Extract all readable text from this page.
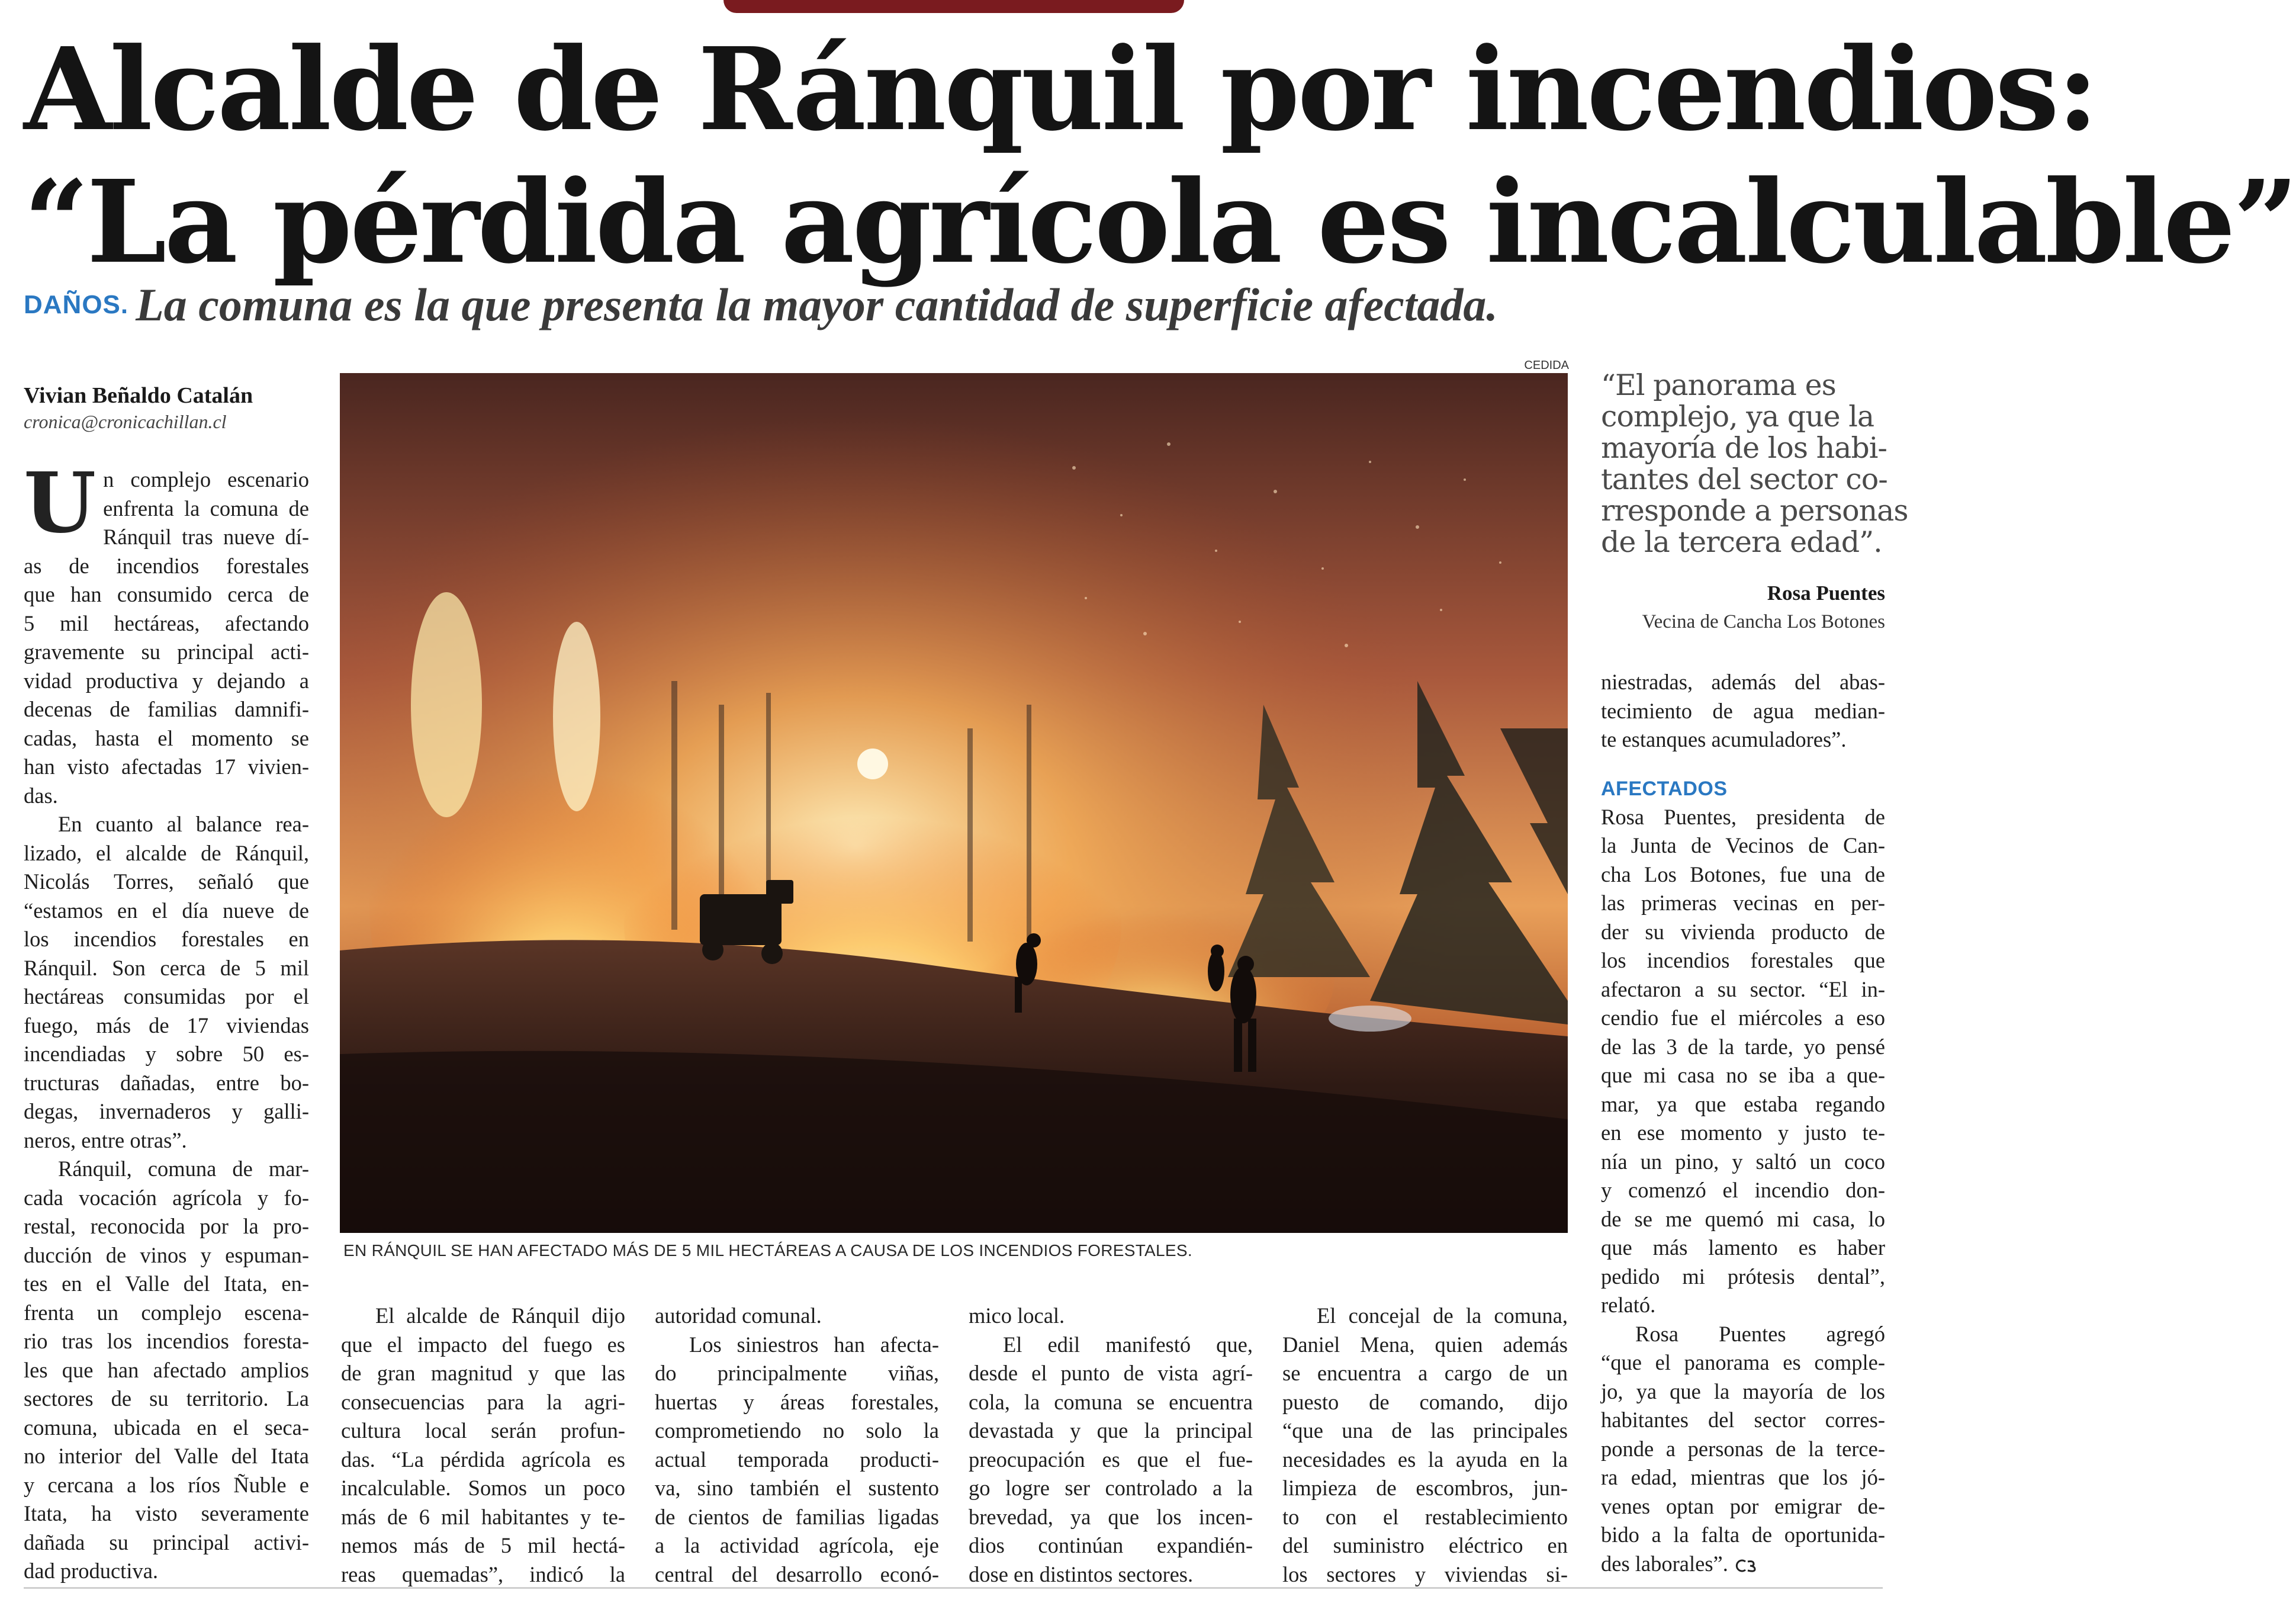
Alcalde de Ránquil por incendios:
“La pérdida agrícola es incalculable”
DAÑOS. La comuna es la que presenta la mayor cantidad de superficie afectada.
Vivian Beñaldo Catalán
cronica@cronicachillan.cl
U n complejo escenario
enfrenta la comuna de
Ránquil tras nueve dí-
as de incendios forestales
que han consumido cerca de
5 mil hectáreas, afectando
gravemente su principal acti-
vidad productiva y dejando a
decenas de familias damnifi-
cadas, hasta el momento se
han visto afectadas 17 vivien-
das.
En cuanto al balance rea-
lizado, el alcalde de Ránquil,
Nicolás Torres, señaló que
“estamos en el día nueve de
los incendios forestales en
Ránquil. Son cerca de 5 mil
hectáreas consumidas por el
fuego, más de 17 viviendas
incendiadas y sobre 50 es-
tructuras dañadas, entre bo-
degas, invernaderos y galli-
neros, entre otras”.
Ránquil, comuna de mar-
cada vocación agrícola y fo-
restal, reconocida por la pro-
ducción de vinos y espuman-
tes en el Valle del Itata, en-
frenta un complejo escena-
rio tras los incendios foresta-
les que han afectado amplios
sectores de su territorio. La
comuna, ubicada en el seca-
no interior del Valle del Itata
y cercana a los ríos Ñuble e
Itata, ha visto severamente
dañada su principal activi-
dad productiva.
CEDIDA
EN RÁNQUIL SE HAN AFECTADO MÁS DE 5 MIL HECTÁREAS A CAUSA DE LOS INCENDIOS FORESTALES.
El alcalde de Ránquil dijo
que el impacto del fuego es
de gran magnitud y que las
consecuencias para la agri-
cultura local serán profun-
das. “La pérdida agrícola es
incalculable. Somos un poco
más de 6 mil habitantes y te-
nemos más de 5 mil hectá-
reas quemadas”, indicó la
autoridad comunal.
Los siniestros han afecta-
do principalmente viñas,
huertas y áreas forestales,
comprometiendo no solo la
actual temporada producti-
va, sino también el sustento
de cientos de familias ligadas
a la actividad agrícola, eje
central del desarrollo econó-
mico local.
El edil manifestó que,
desde el punto de vista agrí-
cola, la comuna se encuentra
devastada y que la principal
preocupación es que el fue-
go logre ser controlado a la
brevedad, ya que los incen-
dios continúan expandién-
dose en distintos sectores.
El concejal de la comuna,
Daniel Mena, quien además
se encuentra a cargo de un
puesto de comando, dijo
“que una de las principales
necesidades es la ayuda en la
limpieza de escombros, jun-
to con el restablecimiento
del suministro eléctrico en
los sectores y viviendas si-
“El panorama es
complejo, ya que la
mayoría de los habi-
tantes del sector co-
rresponde a personas
de la tercera edad”.
Rosa Puentes
Vecina de Cancha Los Botones
niestradas, además del abas-
tecimiento de agua median-
te estanques acumuladores”.
AFECTADOS
Rosa Puentes, presidenta de
la Junta de Vecinos de Can-
cha Los Botones, fue una de
las primeras vecinas en per-
der su vivienda producto de
los incendios forestales que
afectaron a su sector. “El in-
cendio fue el miércoles a eso
de las 3 de la tarde, yo pensé
que mi casa no se iba a que-
mar, ya que estaba regando
en ese momento y justo te-
nía un pino, y saltó un coco
y comenzó el incendio don-
de se me quemó mi casa, lo
que más lamento es haber
pedido mi prótesis dental”,
relató.
Rosa Puentes agregó
“que el panorama es comple-
jo, ya que la mayoría de los
habitantes del sector corres-
ponde a personas de la terce-
ra edad, mientras que los jó-
venes optan por emigrar de-
bido a la falta de oportunida-
des laborales”.
